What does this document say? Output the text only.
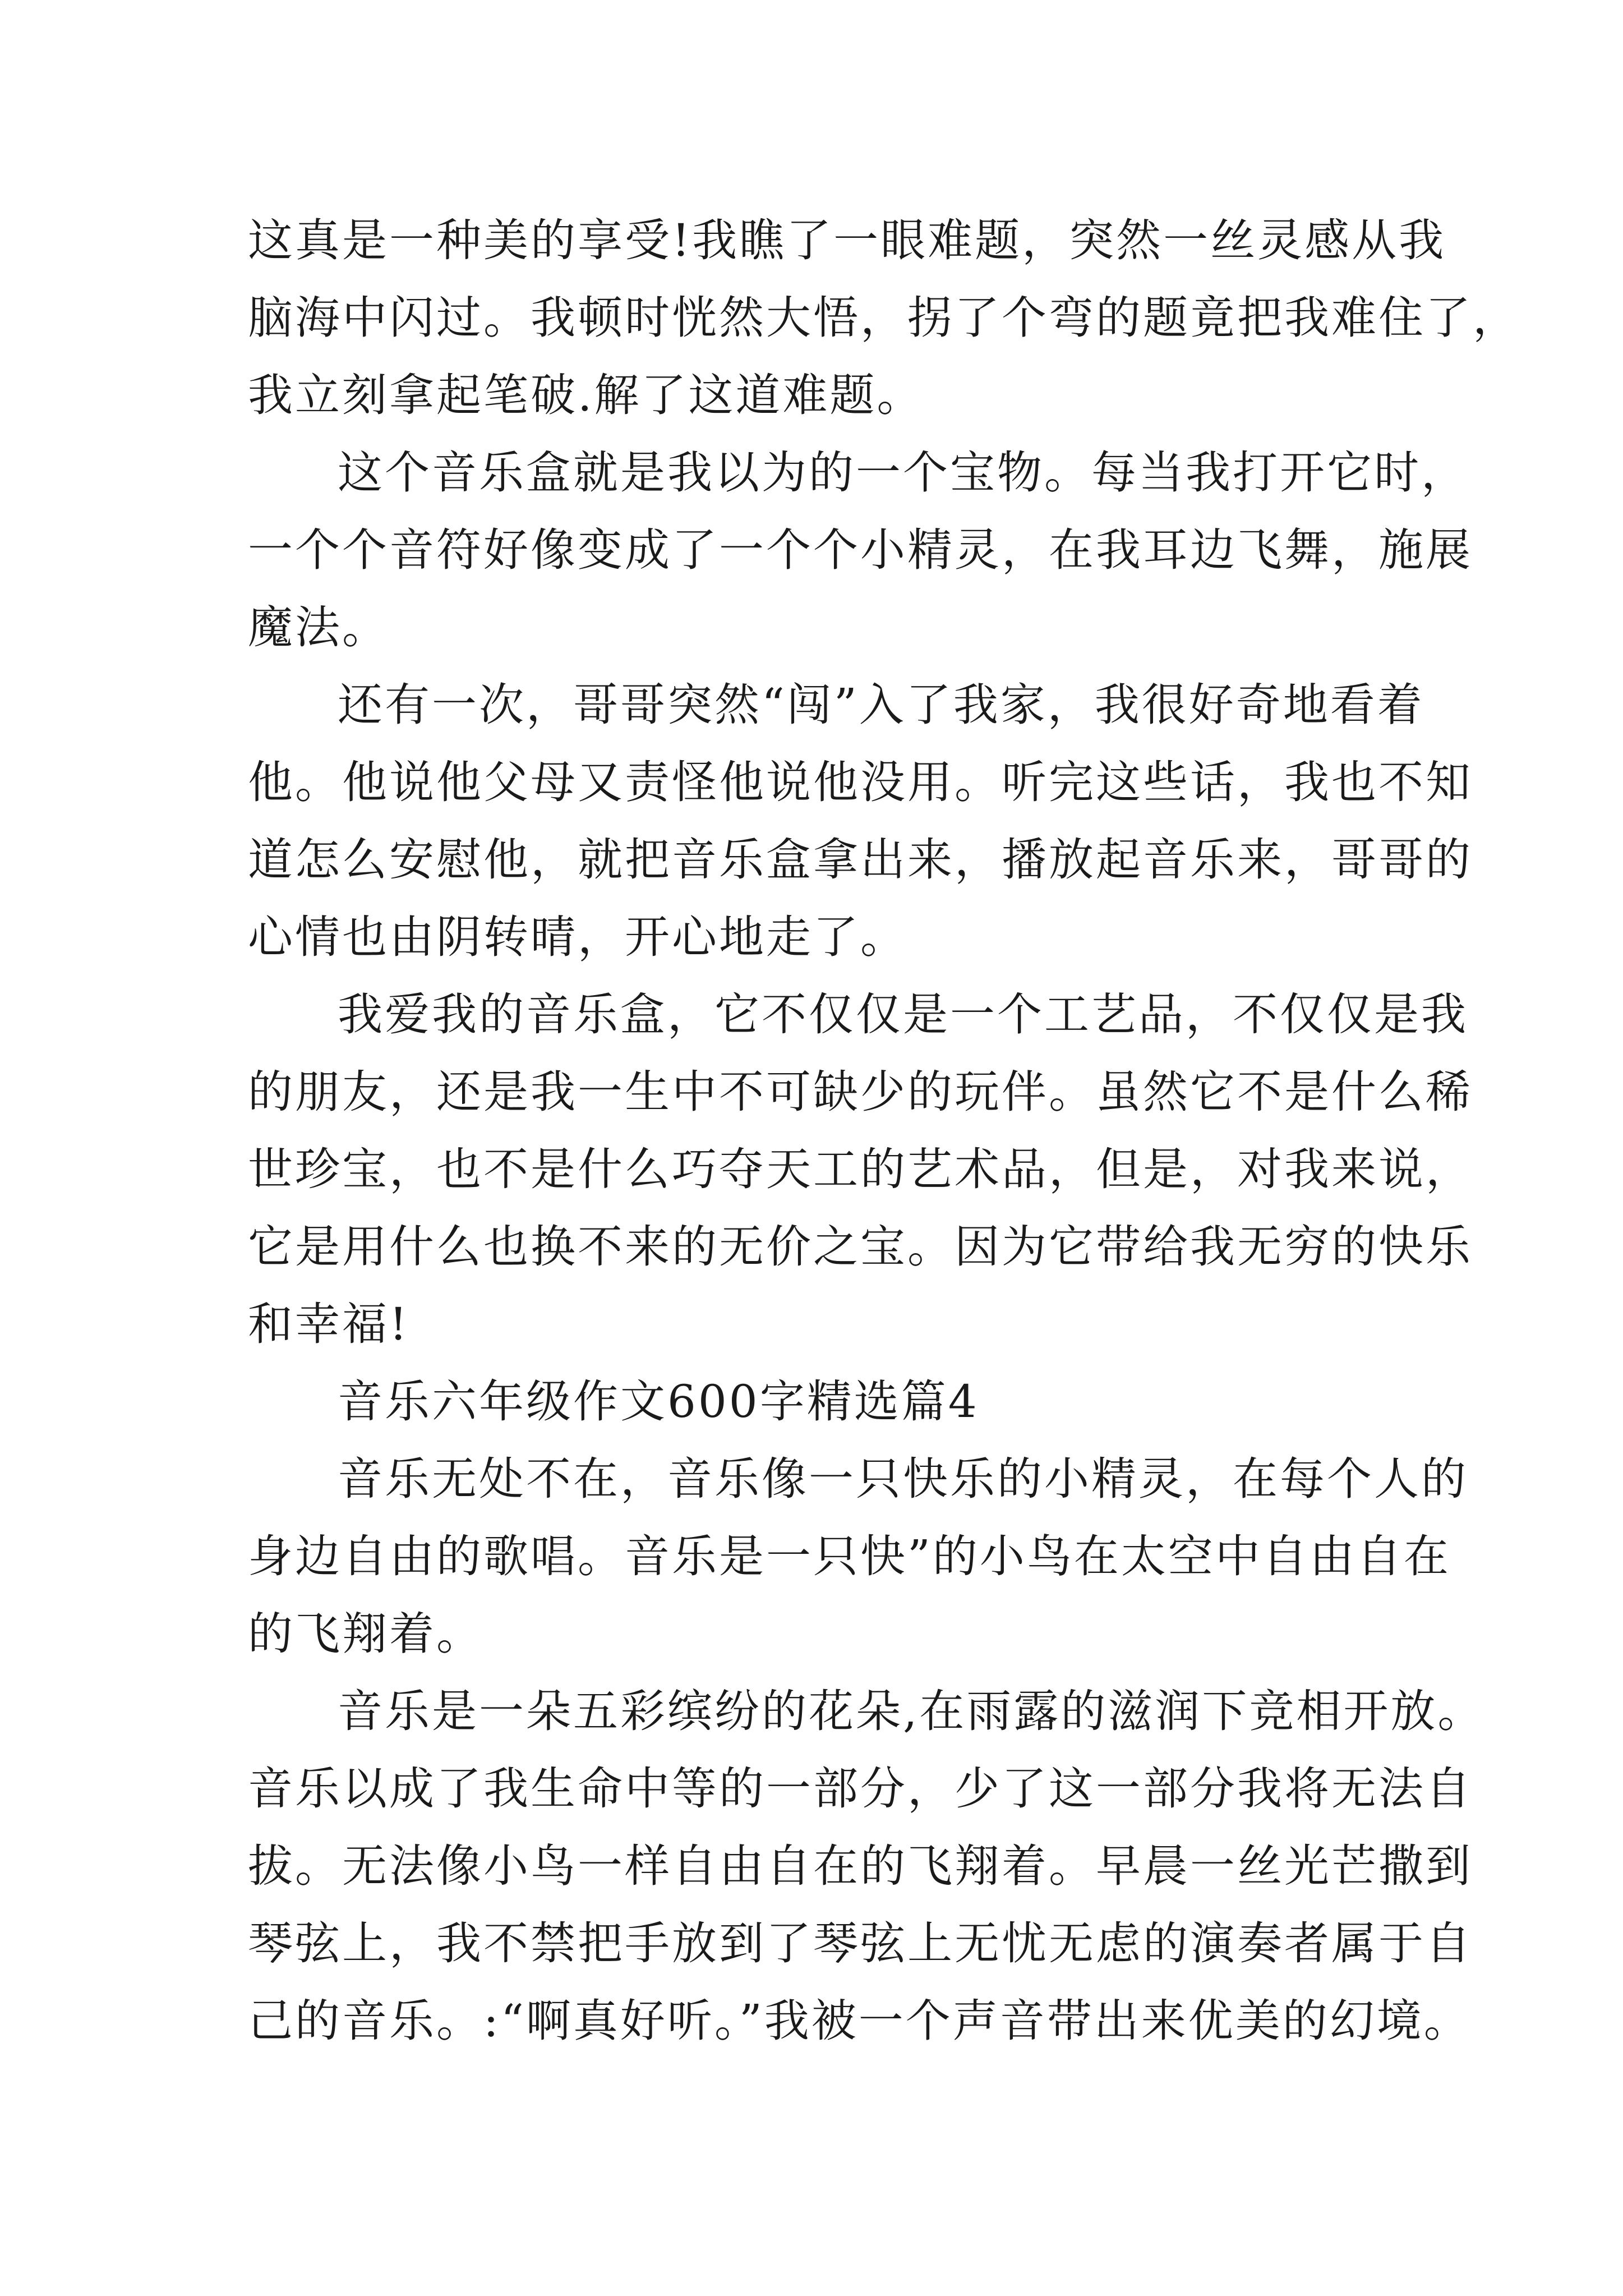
这真是一种美的享受!我瞧了一眼难题，突然一丝灵感从我
脑海中闪过。我顿时恍然大悟，拐了个弯的题竟把我难住了，
我立刻拿起笔破.解了这道难题。
这个音乐盒就是我以为的一个宝物。每当我打开它时，
一个个音符好像变成了一个个小精灵，在我耳边飞舞，施展
魔法。
还有一次，哥哥突然“闯”入了我家，我很好奇地看着
他。他说他父母又责怪他说他没用。听完这些话，我也不知
道怎么安慰他，就把音乐盒拿出来，播放起音乐来，哥哥的
心情也由阴转晴，开心地走了。
我爱我的音乐盒，它不仅仅是一个工艺品，不仅仅是我
的朋友，还是我一生中不可缺少的玩伴。虽然它不是什么稀
世珍宝，也不是什么巧夺天工的艺术品，但是，对我来说，
它是用什么也换不来的无价之宝。因为它带给我无穷的快乐
和幸福!
音乐六年级作文600字精选篇4
音乐无处不在，音乐像一只快乐的小精灵，在每个人的
身边自由的歌唱。音乐是一只快”的小鸟在太空中自由自在
的飞翔着。
音乐是一朵五彩缤纷的花朵,在雨露的滋润下竞相开放。
音乐以成了我生命中等的一部分，少了这一部分我将无法自
拔。无法像小鸟一样自由自在的飞翔着。早晨一丝光芒撒到
琴弦上，我不禁把手放到了琴弦上无忧无虑的演奏者属于自
己的音乐。:“啊真好听。”我被一个声音带出来优美的幻境。
